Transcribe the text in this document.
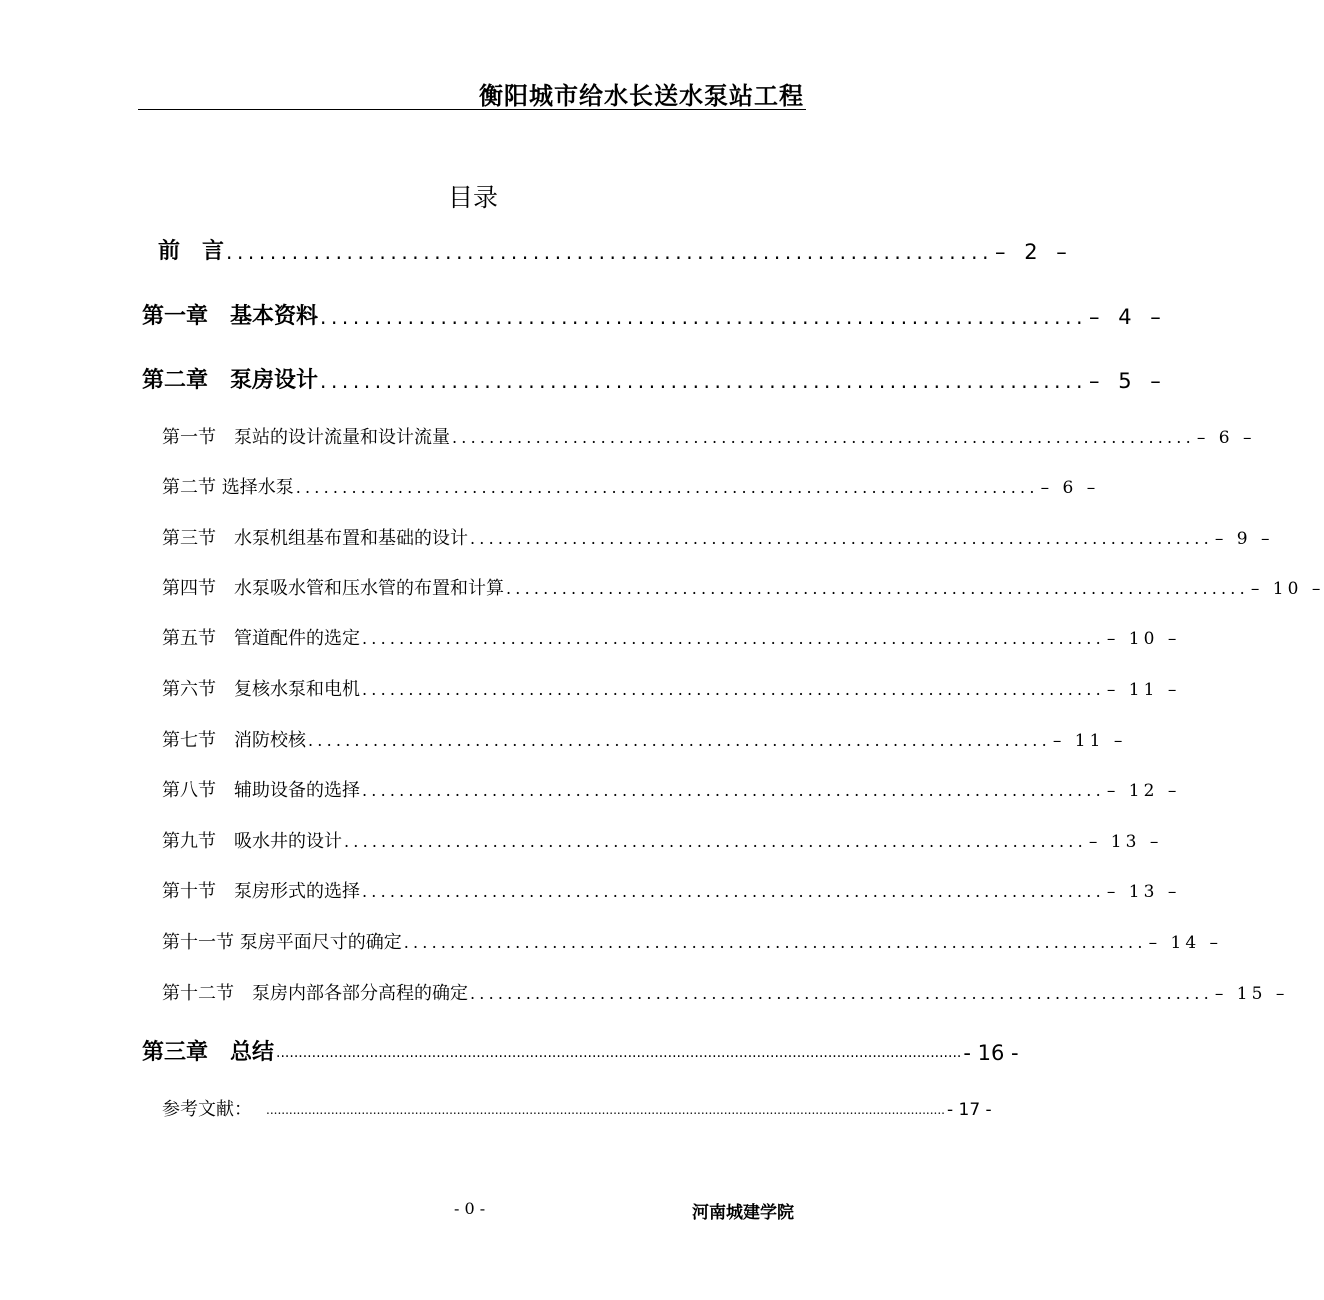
衡阳城市给水长送水泵站工程
目录
前　言 ...................................................................... – 2 –
第一章　基本资料 ...................................................................... – 4 –
第二章　泵房设计 ...................................................................... – 5 –
第一节　泵站的设计流量和设计流量 ................................................................................ – 6 –
第二节 选择水泵 ................................................................................ – 6 –
第三节　水泵机组基布置和基础的设计 ................................................................................ – 9 –
第四节　水泵吸水管和压水管的布置和计算 ................................................................................ – 10 –
第五节　管道配件的选定 ................................................................................ – 10 –
第六节　复核水泵和电机 ................................................................................ – 11 –
第七节　消防校核 ................................................................................ – 11 –
第八节　辅助设备的选择 ................................................................................ – 12 –
第九节　吸水井的设计 ................................................................................ – 13 –
第十节　泵房形式的选择 ................................................................................ – 13 –
第十一节 泵房平面尺寸的确定 ................................................................................ – 14 –
第十二节　泵房内部各部分高程的确定 ................................................................................ – 15 –
第三章　总结 .......................................................................................................................................................... - 16 -
参考文献： .................................................................................................................................................................................. - 17 -
- 0 -	河南城建学院
